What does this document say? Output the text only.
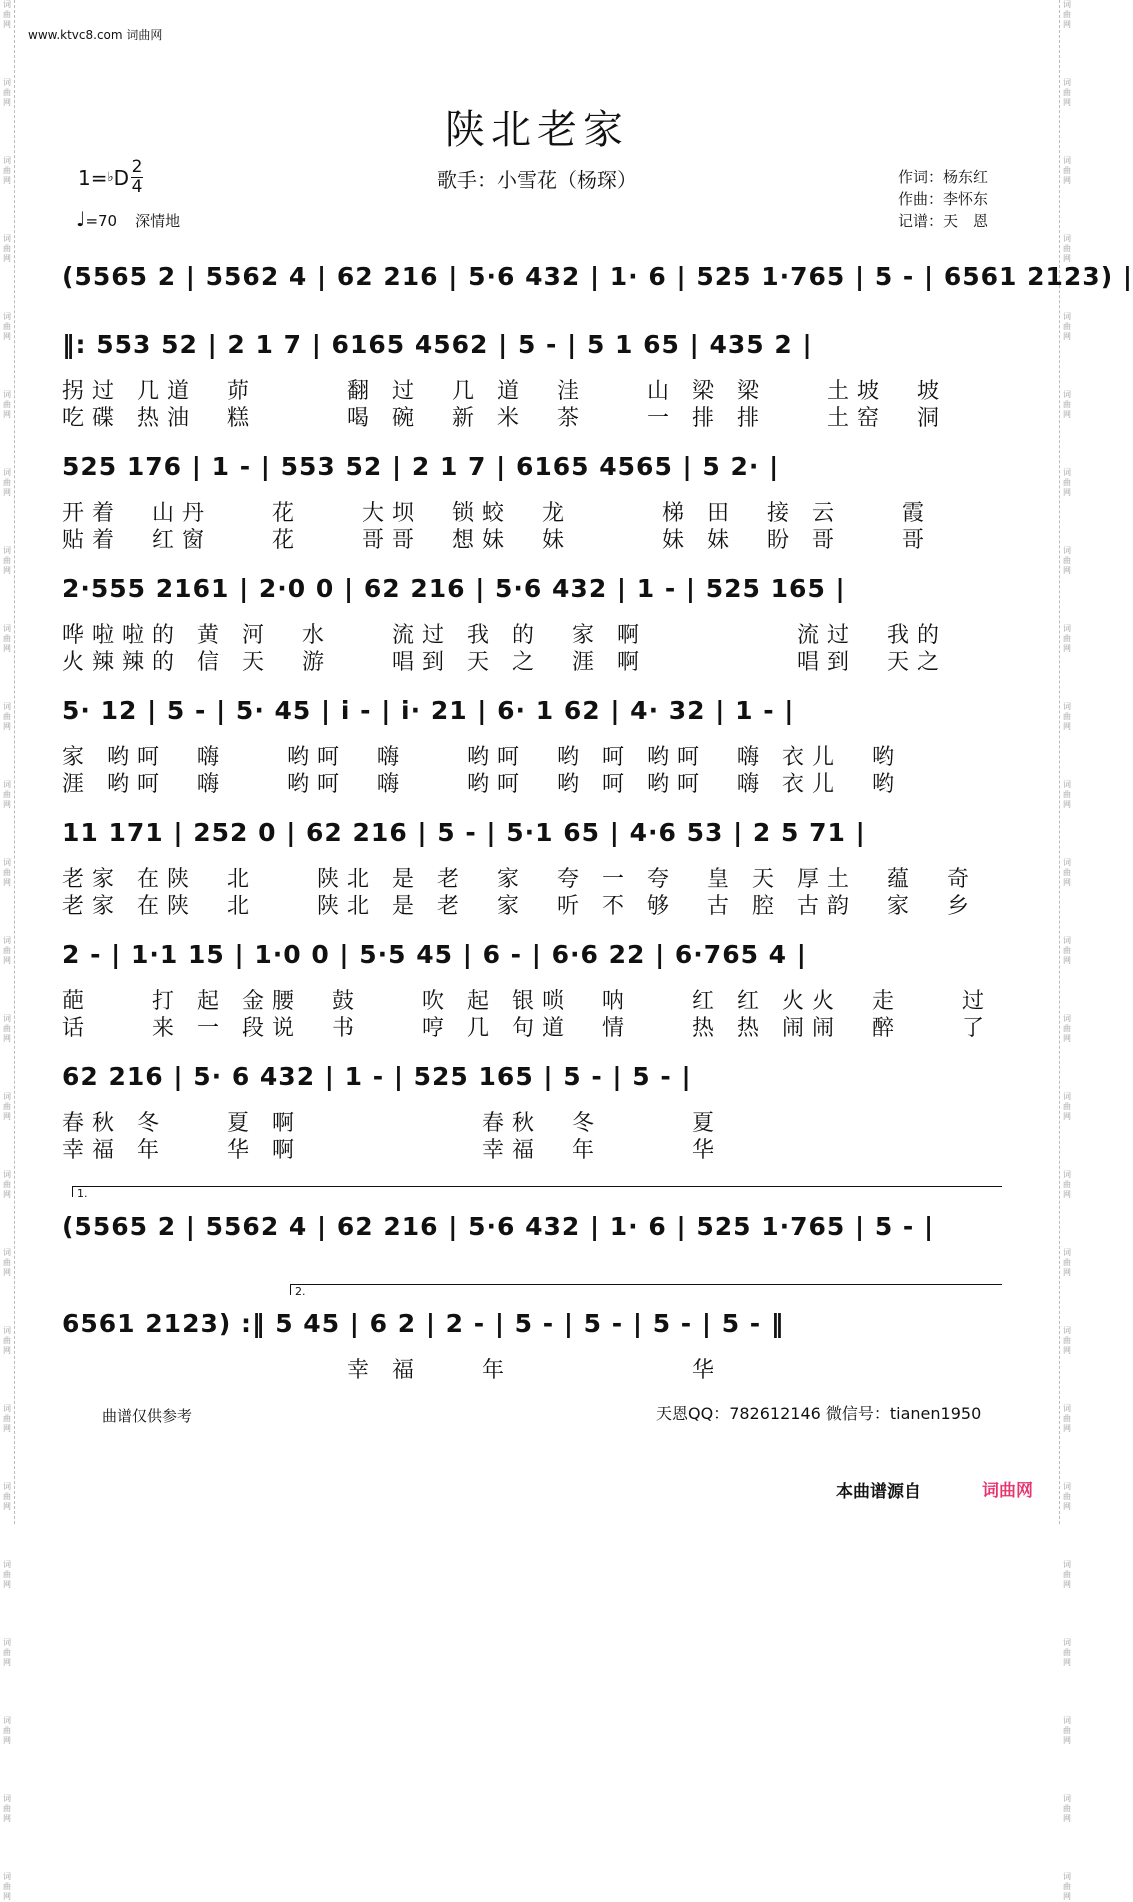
词
曲
网
词
曲
网
词
曲
网
词
曲
网
词
曲
网
词
曲
网
词
曲
网
词
曲
网
词
曲
网
词
曲
网
词
曲
网
词
曲
网
词
曲
网
词
曲
网
词
曲
网
词
曲
网
词
曲
网
词
曲
网
词
曲
网
词
曲
网
词
曲
网
词
曲
网
词
曲
网
词
曲
网
词
曲
网
词
曲
网
词
曲
网
词
曲
网
词
曲
网
词
曲
网
词
曲
网
词
曲
网
词
曲
网
词
曲
网
词
曲
网
词
曲
网
词
曲
网
词
曲
网
词
曲
网
词
曲
网
词
曲
网
词
曲
网
词
曲
网
词
曲
网
词
曲
网
词
曲
网
词
曲
网
词
曲
网
词
曲
网
词
曲
网
www.ktvc8.com 词曲网
陕北老家
歌手：小雪花（杨琛）
1= ♭ D $\frac{2}{4}$
♩=70 深情地
作词：杨东红
作曲：李怀东
记谱：天　恩
(5565 2 | 5562 4 | 62 216 | 5·6 432 | 1· 6 | 525 1·765 | 5 - | 6561 2123) |
‖: 553 52 | 2 1 7 | 6165 4562 | 5 - | 5 1 65 | 435 2 |
拐过 几道　茆　　　翻 过　几 道　洼　　山 梁 梁　　土坡　坡
吃碟 热油　糕　　　喝 碗　新 米　茶　　一 排 排　　土窑　洞
525 176 | 1 - | 553 52 | 2 1 7 | 6165 4565 | 5 2· |
开着　山丹　　花　　大坝　锁蛟　龙　　　梯 田　接 云　　霞
贴着　红窗　　花　　哥哥　想妹　妹　　　妹 妹　盼 哥　　哥
2·555 2161 | 2·0 0 | 62 216 | 5·6 432 | 1 - | 525 165 |
哗啦啦的 黄 河　水　　流过 我 的　家 啊　　　　　流过　我的
火辣辣的 信 天　游　　唱到 天 之　涯 啊　　　　　唱到　天之
5· 12 | 5 - | 5· 45 | i - | i· 21 | 6· 1 62 | 4· 32 | 1 - |
家 哟呵　嗨　　哟呵　嗨　　哟呵　哟 呵 哟呵　嗨 衣儿　哟
涯 哟呵　嗨　　哟呵　嗨　　哟呵　哟 呵 哟呵　嗨 衣儿　哟
11 171 | 252 0 | 62 216 | 5 - | 5·1 65 | 4·6 53 | 2 5 71 |
老家 在陕　北　　陕北 是 老　家　夸 一 夸　皇 天 厚土　蕴　奇
老家 在陕　北　　陕北 是 老　家　听 不 够　古 腔 古韵　家　乡
2 - | 1·1 15 | 1·0 0 | 5·5 45 | 6 - | 6·6 22 | 6·765 4 |
葩　　打 起 金腰　鼓　　吹 起 银唢　呐　　红 红 火火　走　　过
话　　来 一 段说　书　　哼 几 句道　情　　热 热 闹闹　醉　　了
62 216 | 5· 6 432 | 1 - | 525 165 | 5 - | 5 - |
春秋 冬　　夏 啊　　　　　　春秋　冬　　　夏
幸福 年　　华 啊　　　　　　幸福　年　　　华
(5565 2 | 5562 4 | 62 216 | 5·6 432 | 1· 6 | 525 1·765 | 5 - |
6561 2123) :‖ 5 45 | 6 2 | 2 - | 5 - | 5 - | 5 - | 5 - ‖
　　　　　　　　　 幸 福　　年　　　　　　华
1.
2.
曲谱仅供参考	天恩QQ：782612146 微信号：tianen1950
本曲谱源自	词曲网
